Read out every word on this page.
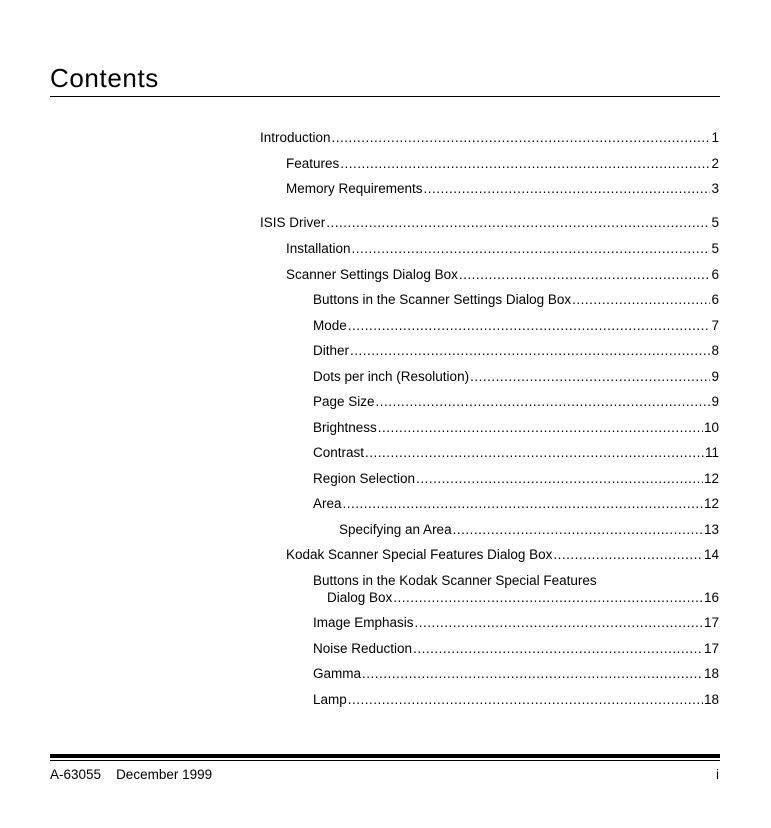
Contents
Introduction .....	1
Features .....	2
Memory Requirements .....	3
ISIS Driver .....	5
Installation .....	5
Scanner Settings Dialog Box .....	6
Buttons in the Scanner Settings Dialog Box .....	6
Mode .....	7
Dither .....	8
Dots per inch (Resolution) .....	9
Page Size .....	9
Brightness .....	10
Contrast .....	11
Region Selection .....	12
Area .....	12
Specifying an Area .....	13
Kodak Scanner Special Features Dialog Box .....	14
Buttons in the Kodak Scanner Special Features
Dialog Box .....	16
Image Emphasis .....	17
Noise Reduction .....	17
Gamma .....	18
Lamp .....	18
A-63055 December 1999	i
